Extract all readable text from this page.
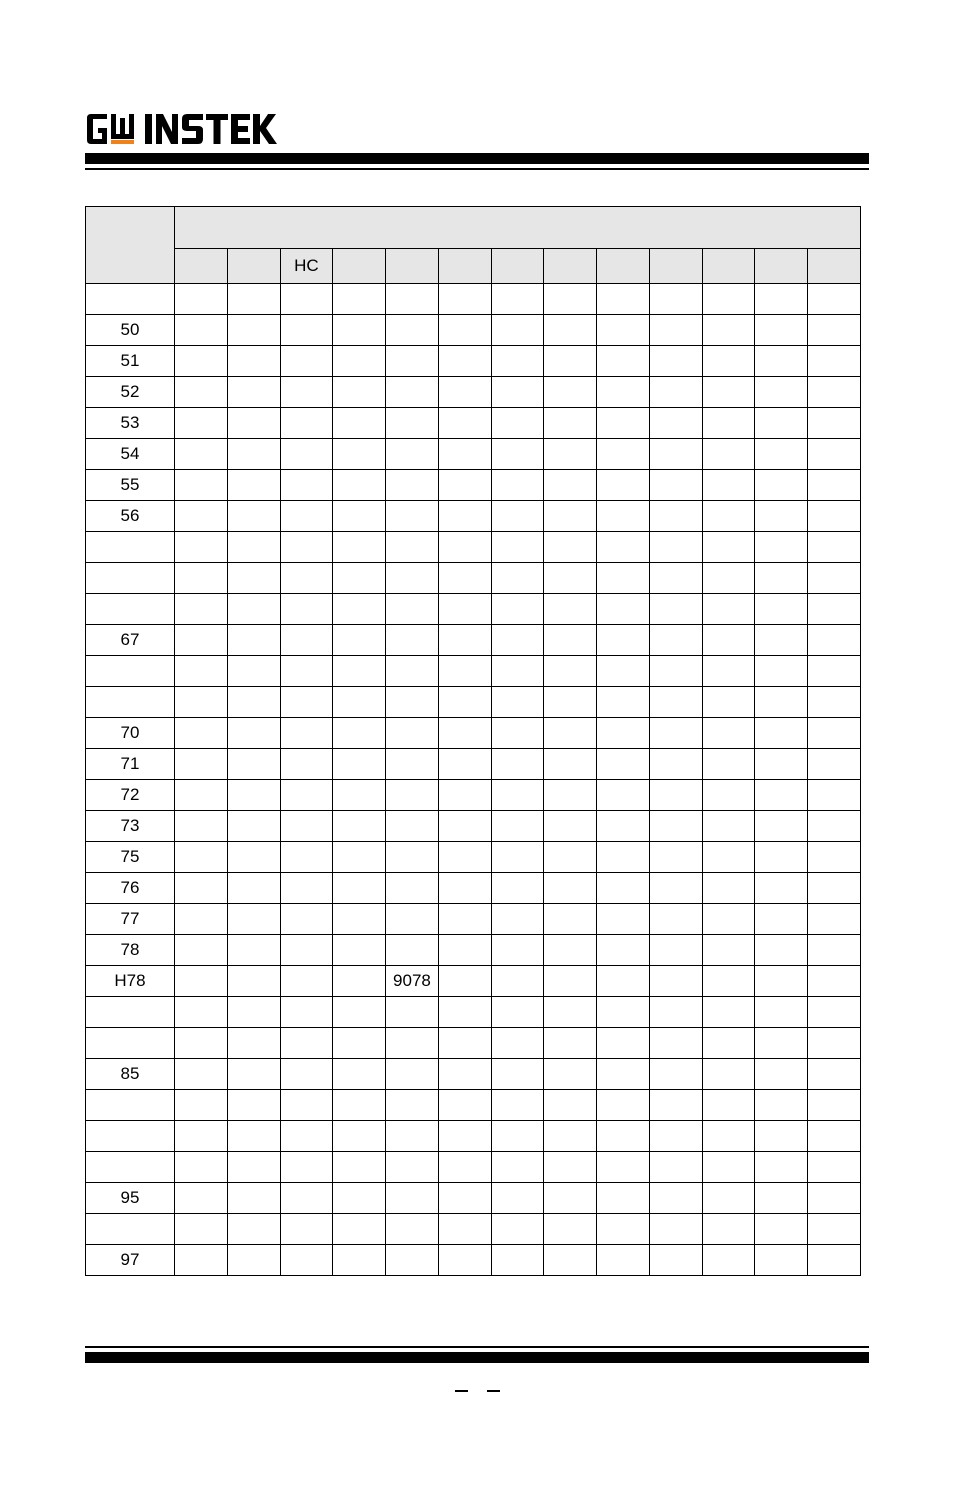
			HC										

50													
51													
52													
53													
54													
55													
56													

67													

70													
71													
72													
73													
75													
76													
77													
78													
H78					9078								

85													

95													

97													
